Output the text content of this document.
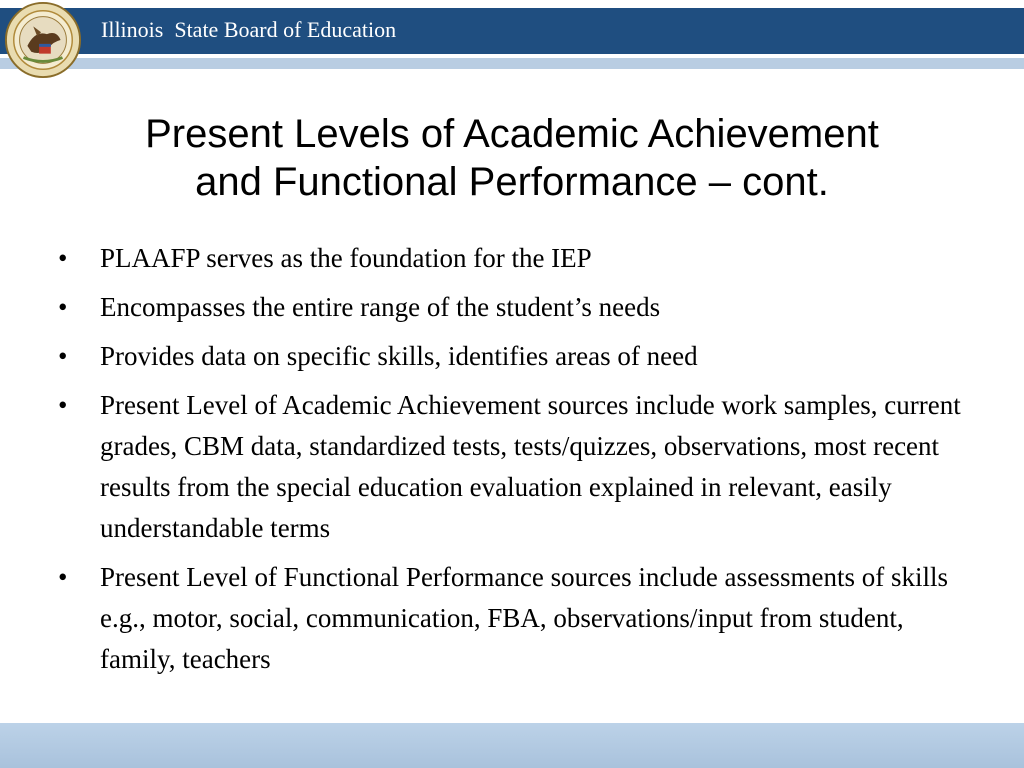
Illinois  State Board of Education
Present Levels of Academic Achievement
and Functional Performance – cont.
•	PLAAFP serves as the foundation for the IEP
•	Encompasses the entire range of the student’s needs
•	Provides data on specific skills, identifies areas of need
•	Present Level of Academic Achievement sources include work samples, current grades, CBM data, standardized tests, tests/quizzes, observations, most recent results from the special education evaluation explained in relevant, easily understandable terms
•	Present Level of Functional Performance sources include assessments of skills e.g., motor, social, communication, FBA, observations/input from student, family, teachers
